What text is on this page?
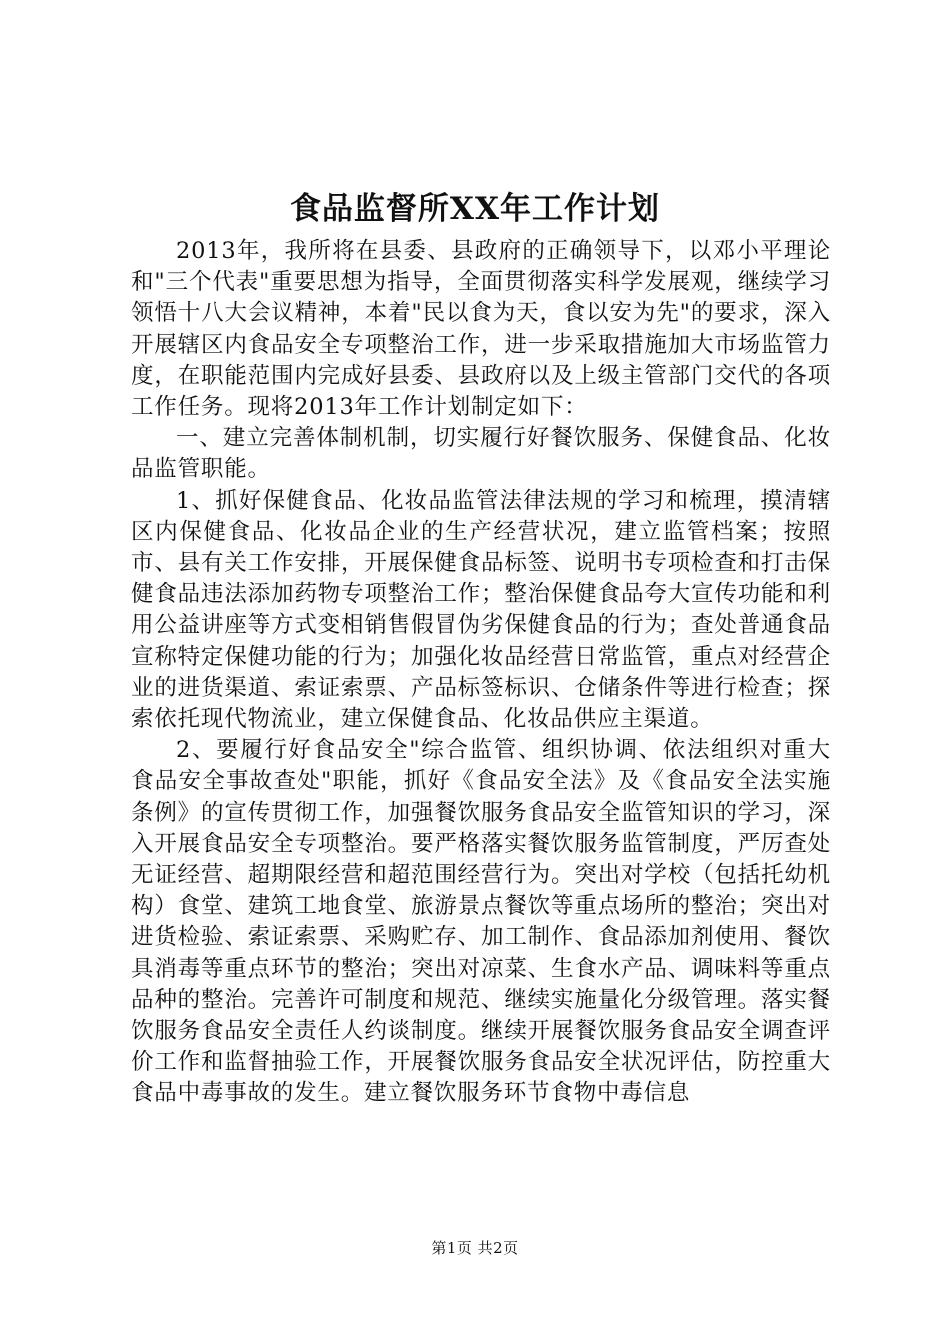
食品监督所XX年工作计划

2013年，我所将在县委、县政府的正确领导下，以邓小平理论和"三个代表"重要思想为指导，全面贯彻落实科学发展观，继续学习领悟十八大会议精神，本着"民以食为天，食以安为先"的要求，深入开展辖区内食品安全专项整治工作，进一步采取措施加大市场监管力度，在职能范围内完成好县委、县政府以及上级主管部门交代的各项工作任务。现将2013年工作计划制定如下：

一、建立完善体制机制，切实履行好餐饮服务、保健食品、化妆品监管职能。

1、抓好保健食品、化妆品监管法律法规的学习和梳理，摸清辖区内保健食品、化妆品企业的生产经营状况，建立监管档案；按照市、县有关工作安排，开展保健食品标签、说明书专项检查和打击保健食品违法添加药物专项整治工作；整治保健食品夸大宣传功能和利用公益讲座等方式变相销售假冒伪劣保健食品的行为；查处普通食品宣称特定保健功能的行为；加强化妆品经营日常监管，重点对经营企业的进货渠道、索证索票、产品标签标识、仓储条件等进行检查；探索依托现代物流业，建立保健食品、化妆品供应主渠道。

2、要履行好食品安全"综合监管、组织协调、依法组织对重大食品安全事故查处"职能，抓好《食品安全法》及《食品安全法实施条例》的宣传贯彻工作，加强餐饮服务食品安全监管知识的学习，深入开展食品安全专项整治。要严格落实餐饮服务监管制度，严厉查处无证经营、超期限经营和超范围经营行为。突出对学校（包括托幼机构）食堂、建筑工地食堂、旅游景点餐饮等重点场所的整治；突出对进货检验、索证索票、采购贮存、加工制作、食品添加剂使用、餐饮具消毒等重点环节的整治；突出对凉菜、生食水产品、调味料等重点品种的整治。完善许可制度和规范、继续实施量化分级管理。落实餐饮服务食品安全责任人约谈制度。继续开展餐饮服务食品安全调查评价工作和监督抽验工作，开展餐饮服务食品安全状况评估，防控重大食品中毒事故的发生。建立餐饮服务环节食物中毒信息

第1页 共2页
